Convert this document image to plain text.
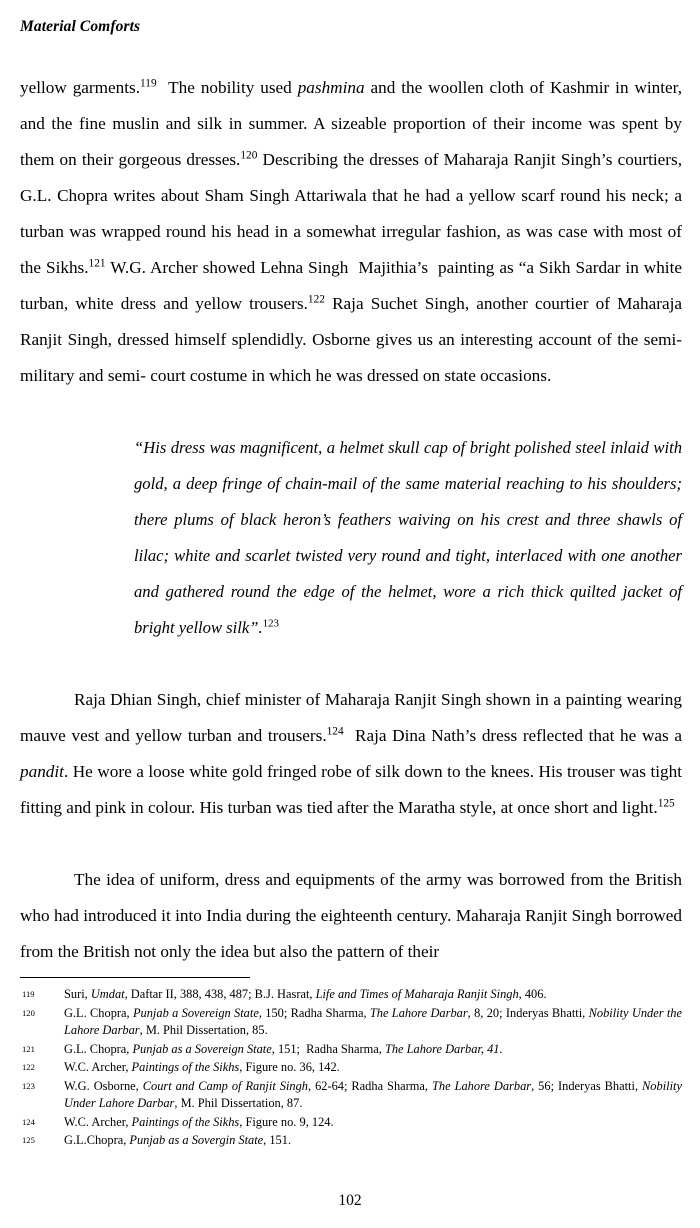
Material Comforts

yellow garments.$^{119}$  The nobility used pashmina and the woollen cloth of Kashmir in winter, and the fine muslin and silk in summer. A sizeable proportion of their income was spent by them on their gorgeous dresses.$^{120}$ Describing the dresses of Maharaja Ranjit Singh’s courtiers, G.L. Chopra writes about Sham Singh Attariwala that he had a yellow scarf round his neck; a turban was wrapped round his head in a somewhat irregular fashion, as was case with most of the Sikhs.$^{121}$ W.G. Archer showed Lehna Singh  Majithia’s  painting as “a Sikh Sardar in white turban, white dress and yellow trousers.$^{122}$ Raja Suchet Singh, another courtier of Maharaja Ranjit Singh, dressed himself splendidly. Osborne gives us an interesting account of the semi-military and semi- court costume in which he was dressed on state occasions.

“His dress was magnificent, a helmet skull cap of bright polished steel inlaid with gold, a deep fringe of chain-mail of the same material reaching to his shoulders; there plums of black heron’s feathers waiving on his crest and three shawls of lilac; white and scarlet twisted very round and tight, interlaced with one another and gathered round the edge of the helmet, wore a rich thick quilted jacket of bright yellow silk”.$^{123}$

Raja Dhian Singh, chief minister of Maharaja Ranjit Singh shown in a painting wearing mauve vest and yellow turban and trousers.$^{124}$  Raja Dina Nath’s dress reflected that he was a pandit. He wore a loose white gold fringed robe of silk down to the knees. His trouser was tight fitting and pink in colour. His turban was tied after the Maratha style, at once short and light.$^{125}$

The idea of uniform, dress and equipments of the army was borrowed from the British who had introduced it into India during the eighteenth century. Maharaja Ranjit Singh borrowed from the British not only the idea but also the pattern of their

119	Suri, Umdat, Daftar II, 388, 438, 487; B.J. Hasrat, Life and Times of Maharaja Ranjit Singh, 406.
120	G.L. Chopra, Punjab a Sovereign State, 150; Radha Sharma, The Lahore Darbar, 8, 20; Inderyas Bhatti, Nobility Under the Lahore Darbar, M. Phil Dissertation, 85.
121	G.L. Chopra, Punjab as a Sovereign State, 151;  Radha Sharma, The Lahore Darbar, 41.
122	W.C. Archer, Paintings of the Sikhs, Figure no. 36, 142.
123	W.G. Osborne, Court and Camp of Ranjit Singh, 62-64; Radha Sharma, The Lahore Darbar, 56; Inderyas Bhatti, Nobility Under Lahore Darbar, M. Phil Dissertation, 87.
124	W.C. Archer, Paintings of the Sikhs, Figure no. 9, 124.
125	G.L.Chopra, Punjab as a Sovergin State, 151.
102
